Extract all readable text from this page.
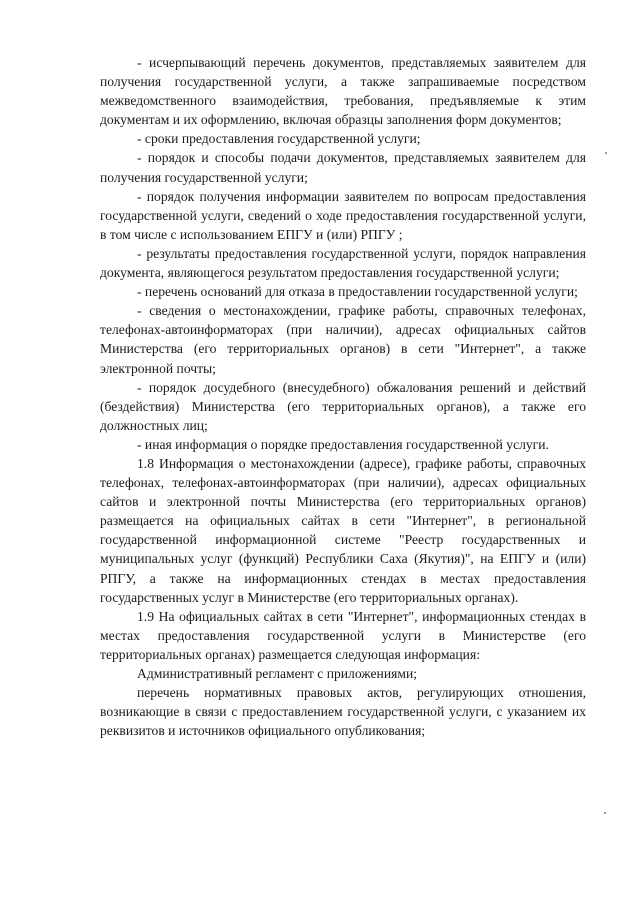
- исчерпывающий перечень документов, представляемых заявителем для получения государственной услуги, а также запрашиваемые посредством межведомственного взаимодействия, требования, предъявляемые к этим документам и их оформлению, включая образцы заполнения форм документов;

- сроки предоставления государственной услуги;

- порядок и способы подачи документов, представляемых заявителем для получения государственной услуги;

- порядок получения информации заявителем по вопросам предоставления государственной услуги, сведений о ходе предоставления государственной услуги, в том числе с использованием ЕПГУ и (или) РПГУ ;

- результаты предоставления государственной услуги, порядок направления документа, являющегося результатом предоставления государственной услуги;

- перечень оснований для отказа в предоставлении государственной услуги;

- сведения о местонахождении, графике работы, справочных телефонах, телефонах-автоинформаторах (при наличии), адресах официальных сайтов Министерства (его территориальных органов) в сети "Интернет", а также электронной почты;

- порядок досудебного (внесудебного) обжалования решений и действий (бездействия) Министерства (его территориальных органов), а также его должностных лиц;

- иная информация о порядке предоставления государственной услуги.

1.8 Информация о местонахождении (адресе), графике работы, справочных телефонах, телефонах-автоинформаторах (при наличии), адресах официальных сайтов и электронной почты Министерства (его территориальных органов) размещается на официальных сайтах в сети "Интернет", в региональной государственной информационной системе "Реестр государственных и муниципальных услуг (функций) Республики Саха (Якутия)", на ЕПГУ и (или) РПГУ, а также на информационных стендах в местах предоставления государственных услуг в Министерстве (его территориальных органах).

1.9 На официальных сайтах в сети "Интернет", информационных стендах в местах предоставления государственной услуги в Министерстве (его территориальных органах) размещается следующая информация:

Административный регламент с приложениями;

перечень нормативных правовых актов, регулирующих отношения, возникающие в связи с предоставлением государственной услуги, с указанием их реквизитов и источников официального опубликования;
